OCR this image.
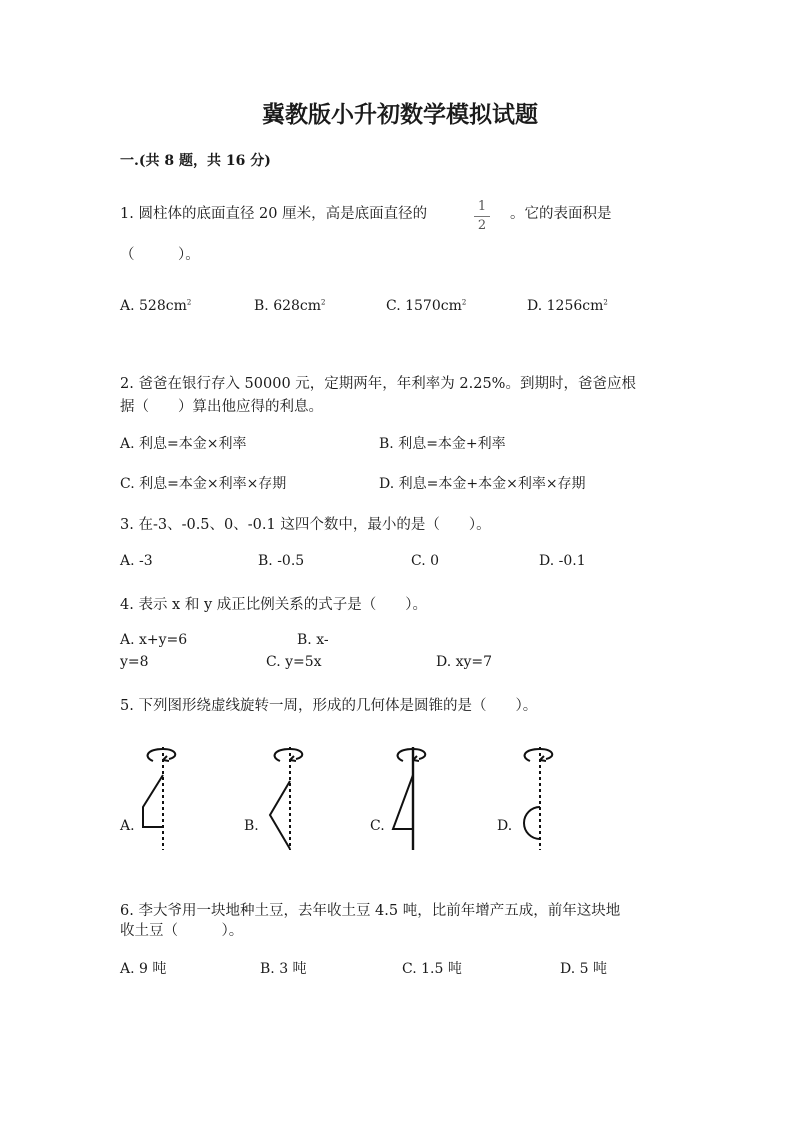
冀教版小升初数学模拟试题
一.(共 8 题，共 16 分)
1. 圆柱体的底面直径 20 厘米，高是底面直径的	1
2
。它的表面积是
（　　　）。
A. $528cm^2$	B. $628cm^2$	C. $1570cm^2$	D. $1256cm^2$
2. 爸爸在银行存入 50000 元，定期两年，年利率为 2.25%。到期时，爸爸应根
据（　　）算出他应得的利息。
A. 利息=本金×利率	B. 利息=本金+利率
C. 利息=本金×利率×存期	D. 利息=本金+本金×利率×存期
3. 在-3、-0.5、0、-0.1 这四个数中，最小的是（　　）。
A. -3	B. -0.5	C. 0	D. -0.1
4. 表示 x 和 y 成正比例关系的式子是（　　）。
A. x+y=6	B. x-
y=8	C. y=5x	D. xy=7
5. 下列图形绕虚线旋转一周，形成的几何体是圆锥的是（　　）。
A.	B.	C.	D.
6. 李大爷用一块地种土豆，去年收土豆 4.5 吨，比前年增产五成，前年这块地
收土豆（　　　）。
A. 9 吨	B. 3 吨	C. 1.5 吨	D. 5 吨
